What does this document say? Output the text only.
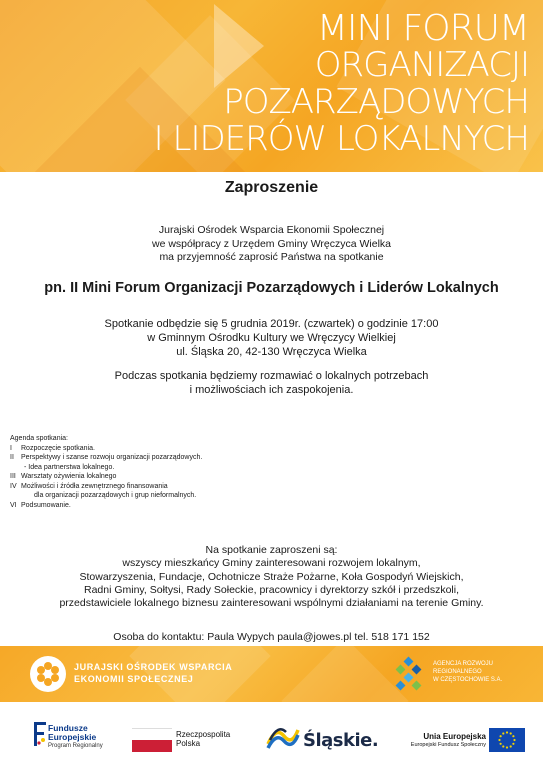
MINI FORUM
ORGANIZACJI
POZARZĄDOWYCH
I LIDERÓW LOKALNYCH
Zaproszenie
Jurajski Ośrodek Wsparcia Ekonomii Społecznej
we współpracy z Urzędem Gminy Wręczyca Wielka
ma przyjemność zaprosić Państwa na spotkanie
pn. II Mini Forum Organizacji Pozarządowych i Liderów Lokalnych
Spotkanie odbędzie się 5 grudnia 2019r. (czwartek) o godzinie 17:00
w Gminnym Ośrodku Kultury we Wręczycy Wielkiej
ul. Śląska 20, 42-130 Wręczyca Wielka
Podczas spotkania będziemy rozmawiać o lokalnych potrzebach
i możliwościach ich zaspokojenia.
Agenda spotkania:
I	Rozpoczęcie spotkania.
II	Perspektywy i szanse rozwoju organizacji pozarządowych.
- Idea partnerstwa lokalnego.
III Warsztaty ożywienia lokalnego
IV Możliwości i źródła zewnętrznego finansowania
dla organizacji pozarządowych i grup nieformalnych.
VI Podsumowanie.
Na spotkanie zaproszeni są:
wszyscy mieszkańcy Gminy zainteresowani rozwojem lokalnym,
Stowarzyszenia, Fundacje, Ochotnicze Straże Pożarne, Koła Gospodyń Wiejskich,
Radni Gminy, Sołtysi, Rady Sołeckie, pracownicy i dyrektorzy szkół i przedszkoli,
przedstawiciele lokalnego biznesu zainteresowani wspólnymi działaniami na terenie Gminy.
Osoba do kontaktu: Paula Wypych paula@jowes.pl tel. 518 171 152
JURAJSKI OŚRODEK WSPARCIA
EKONOMII SPOŁECZNEJ
AGENCJA ROZWOJU
REGIONALNEGO
W CZĘSTOCHOWIE S.A.
Fundusze
Europejskie
Program Regionalny
Rzeczpospolita
Polska	Śląskie.	Unia Europejska
Europejski Fundusz Społeczny
